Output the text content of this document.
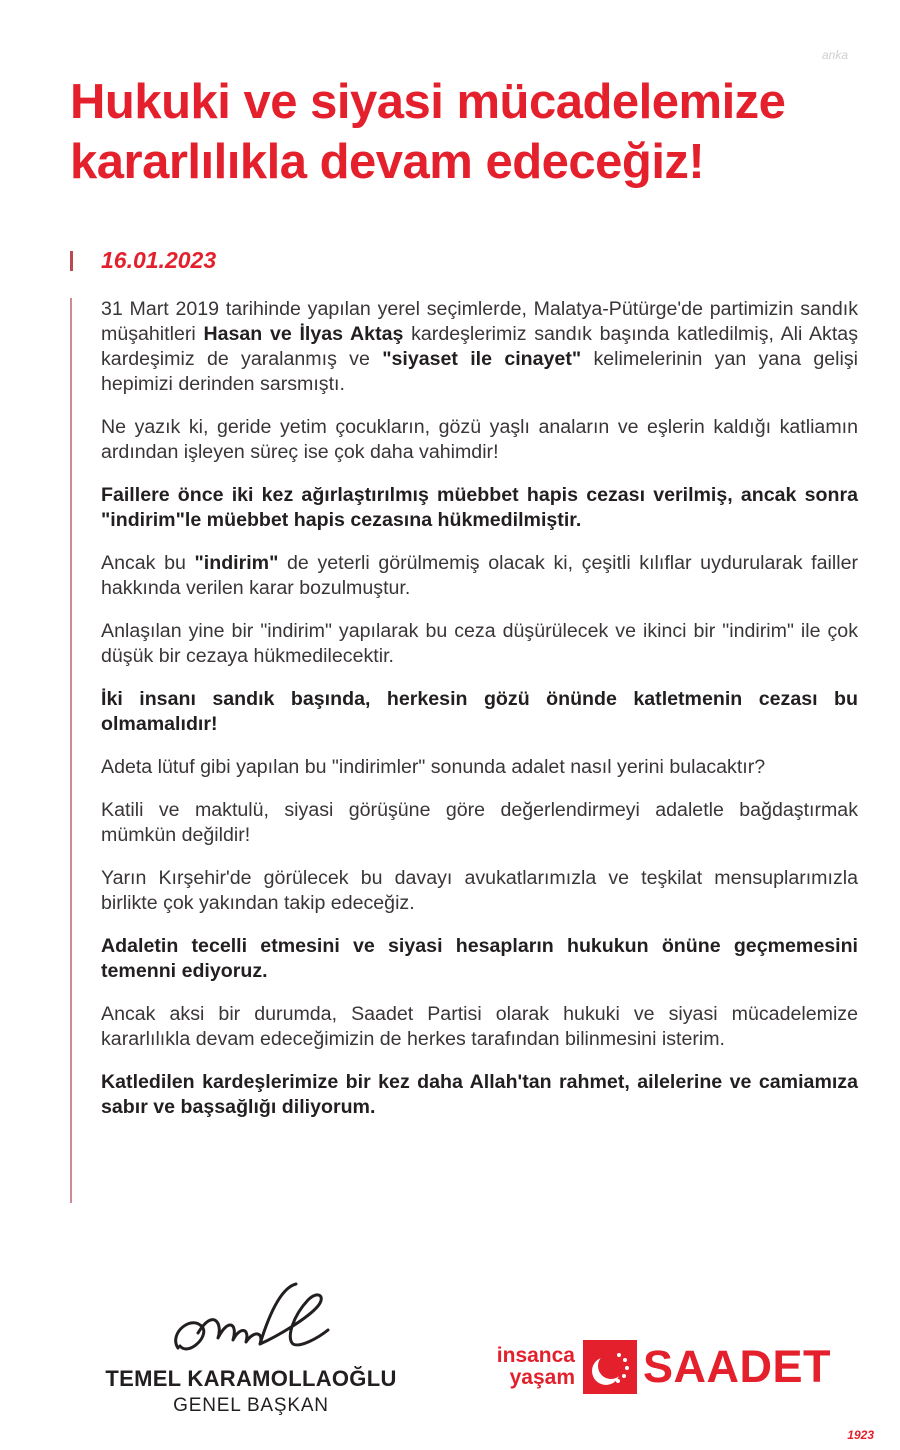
anka
Hukuki ve siyasi mücadelemize kararlılıkla devam edeceğiz!
16.01.2023

31 Mart 2019 tarihinde yapılan yerel seçimlerde, Malatya-Pütürge'de partimizin sandık müşahitleri Hasan ve İlyas Aktaş kardeşlerimiz sandık başında katledilmiş, Ali Aktaş kardeşimiz de yaralanmış ve "siyaset ile cinayet" kelimelerinin yan yana gelişi hepimizi derinden sarsmıştı.

Ne yazık ki, geride yetim çocukların, gözü yaşlı anaların ve eşlerin kaldığı katliamın ardından işleyen süreç ise çok daha vahimdir!

Faillere önce iki kez ağırlaştırılmış müebbet hapis cezası verilmiş, ancak sonra "indirim"le müebbet hapis cezasına hükmedilmiştir.

Ancak bu "indirim" de yeterli görülmemiş olacak ki, çeşitli kılıflar uydurularak failler hakkında verilen karar bozulmuştur.

Anlaşılan yine bir "indirim" yapılarak bu ceza düşürülecek ve ikinci bir "indirim" ile çok düşük bir cezaya hükmedilecektir.

İki insanı sandık başında, herkesin gözü önünde katletmenin cezası bu olmamalıdır!

Adeta lütuf gibi yapılan bu "indirimler" sonunda adalet nasıl yerini bulacaktır?

Katili ve maktulü, siyasi görüşüne göre değerlendirmeyi adaletle bağdaştırmak mümkün değildir!

Yarın Kırşehir'de görülecek bu davayı avukatlarımızla ve teşkilat mensuplarımızla birlikte çok yakından takip edeceğiz.

Adaletin tecelli etmesini ve siyasi hesapların hukukun önüne geçmemesini temenni ediyoruz.

Ancak aksi bir durumda, Saadet Partisi olarak hukuki ve siyasi mücadelemize kararlılıkla devam edeceğimizin de herkes tarafından bilinmesini isterim.

Katledilen kardeşlerimize bir kez daha Allah'tan rahmet, ailelerine ve camiamıza sabır ve başsağlığı diliyorum.

TEMEL KARAMOLLAOĞLU
GENEL BAŞKAN
insanca
yaşam SAADET
1923
